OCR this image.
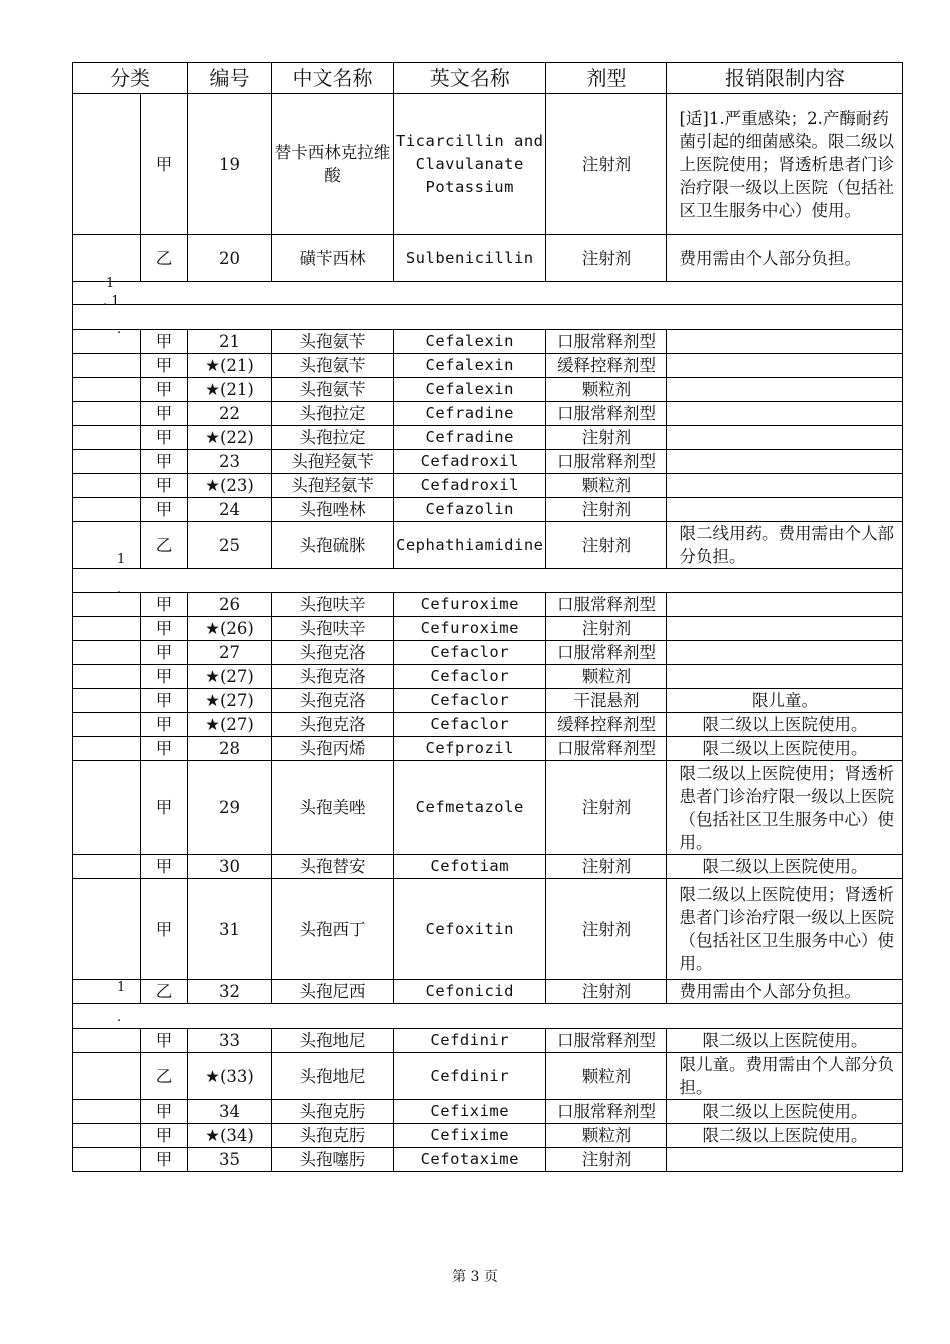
分类		编号	中文名称	英文名称	剂型	报销限制内容
	甲	19	替卡西林克拉维酸	Ticarcillin and Clavulanate Potassium	注射剂	[适]1.严重感染；2.产酶耐药菌引起的细菌感染。限二级以上医院使用；肾透析患者门诊治疗限一级以上医院（包括社区卫生服务中心）使用。
	乙	20	磺苄西林	Sulbenicillin	注射剂	费用需由个人部分负担。

	甲	21	头孢氨苄	Cefalexin	口服常释剂型	
	甲	★(21)	头孢氨苄	Cefalexin	缓释控释剂型	
	甲	★(21)	头孢氨苄	Cefalexin	颗粒剂	
	甲	22	头孢拉定	Cefradine	口服常释剂型	
	甲	★(22)	头孢拉定	Cefradine	注射剂	
	甲	23	头孢羟氨苄	Cefadroxil	口服常释剂型	
	甲	★(23)	头孢羟氨苄	Cefadroxil	颗粒剂	
	甲	24	头孢唑林	Cefazolin	注射剂	
	乙	25	头孢硫脒	Cephathiamidine	注射剂	限二线用药。费用需由个人部分负担。

	甲	26	头孢呋辛	Cefuroxime	口服常释剂型	
	甲	★(26)	头孢呋辛	Cefuroxime	注射剂	
	甲	27	头孢克洛	Cefaclor	口服常释剂型	
	甲	★(27)	头孢克洛	Cefaclor	颗粒剂	
	甲	★(27)	头孢克洛	Cefaclor	干混悬剂	限儿童。
	甲	★(27)	头孢克洛	Cefaclor	缓释控释剂型	限二级以上医院使用。
	甲	28	头孢丙烯	Cefprozil	口服常释剂型	限二级以上医院使用。
	甲	29	头孢美唑	Cefmetazole	注射剂	限二级以上医院使用；肾透析患者门诊治疗限一级以上医院（包括社区卫生服务中心）使用。
	甲	30	头孢替安	Cefotiam	注射剂	限二级以上医院使用。
	甲	31	头孢西丁	Cefoxitin	注射剂	限二级以上医院使用；肾透析患者门诊治疗限一级以上医院（包括社区卫生服务中心）使用。
	乙	32	头孢尼西	Cefonicid	注射剂	费用需由个人部分负担。

	甲	33	头孢地尼	Cefdinir	口服常释剂型	限二级以上医院使用。
	乙	★(33)	头孢地尼	Cefdinir	颗粒剂	限儿童。费用需由个人部分负担。
	甲	34	头孢克肟	Cefixime	口服常释剂型	限二级以上医院使用。
	甲	★(34)	头孢克肟	Cefixime	颗粒剂	限二级以上医院使用。
	甲	35	头孢噻肟	Cefotaxime	注射剂	
1
. 1
.
1
.
1
.
第 3 页
